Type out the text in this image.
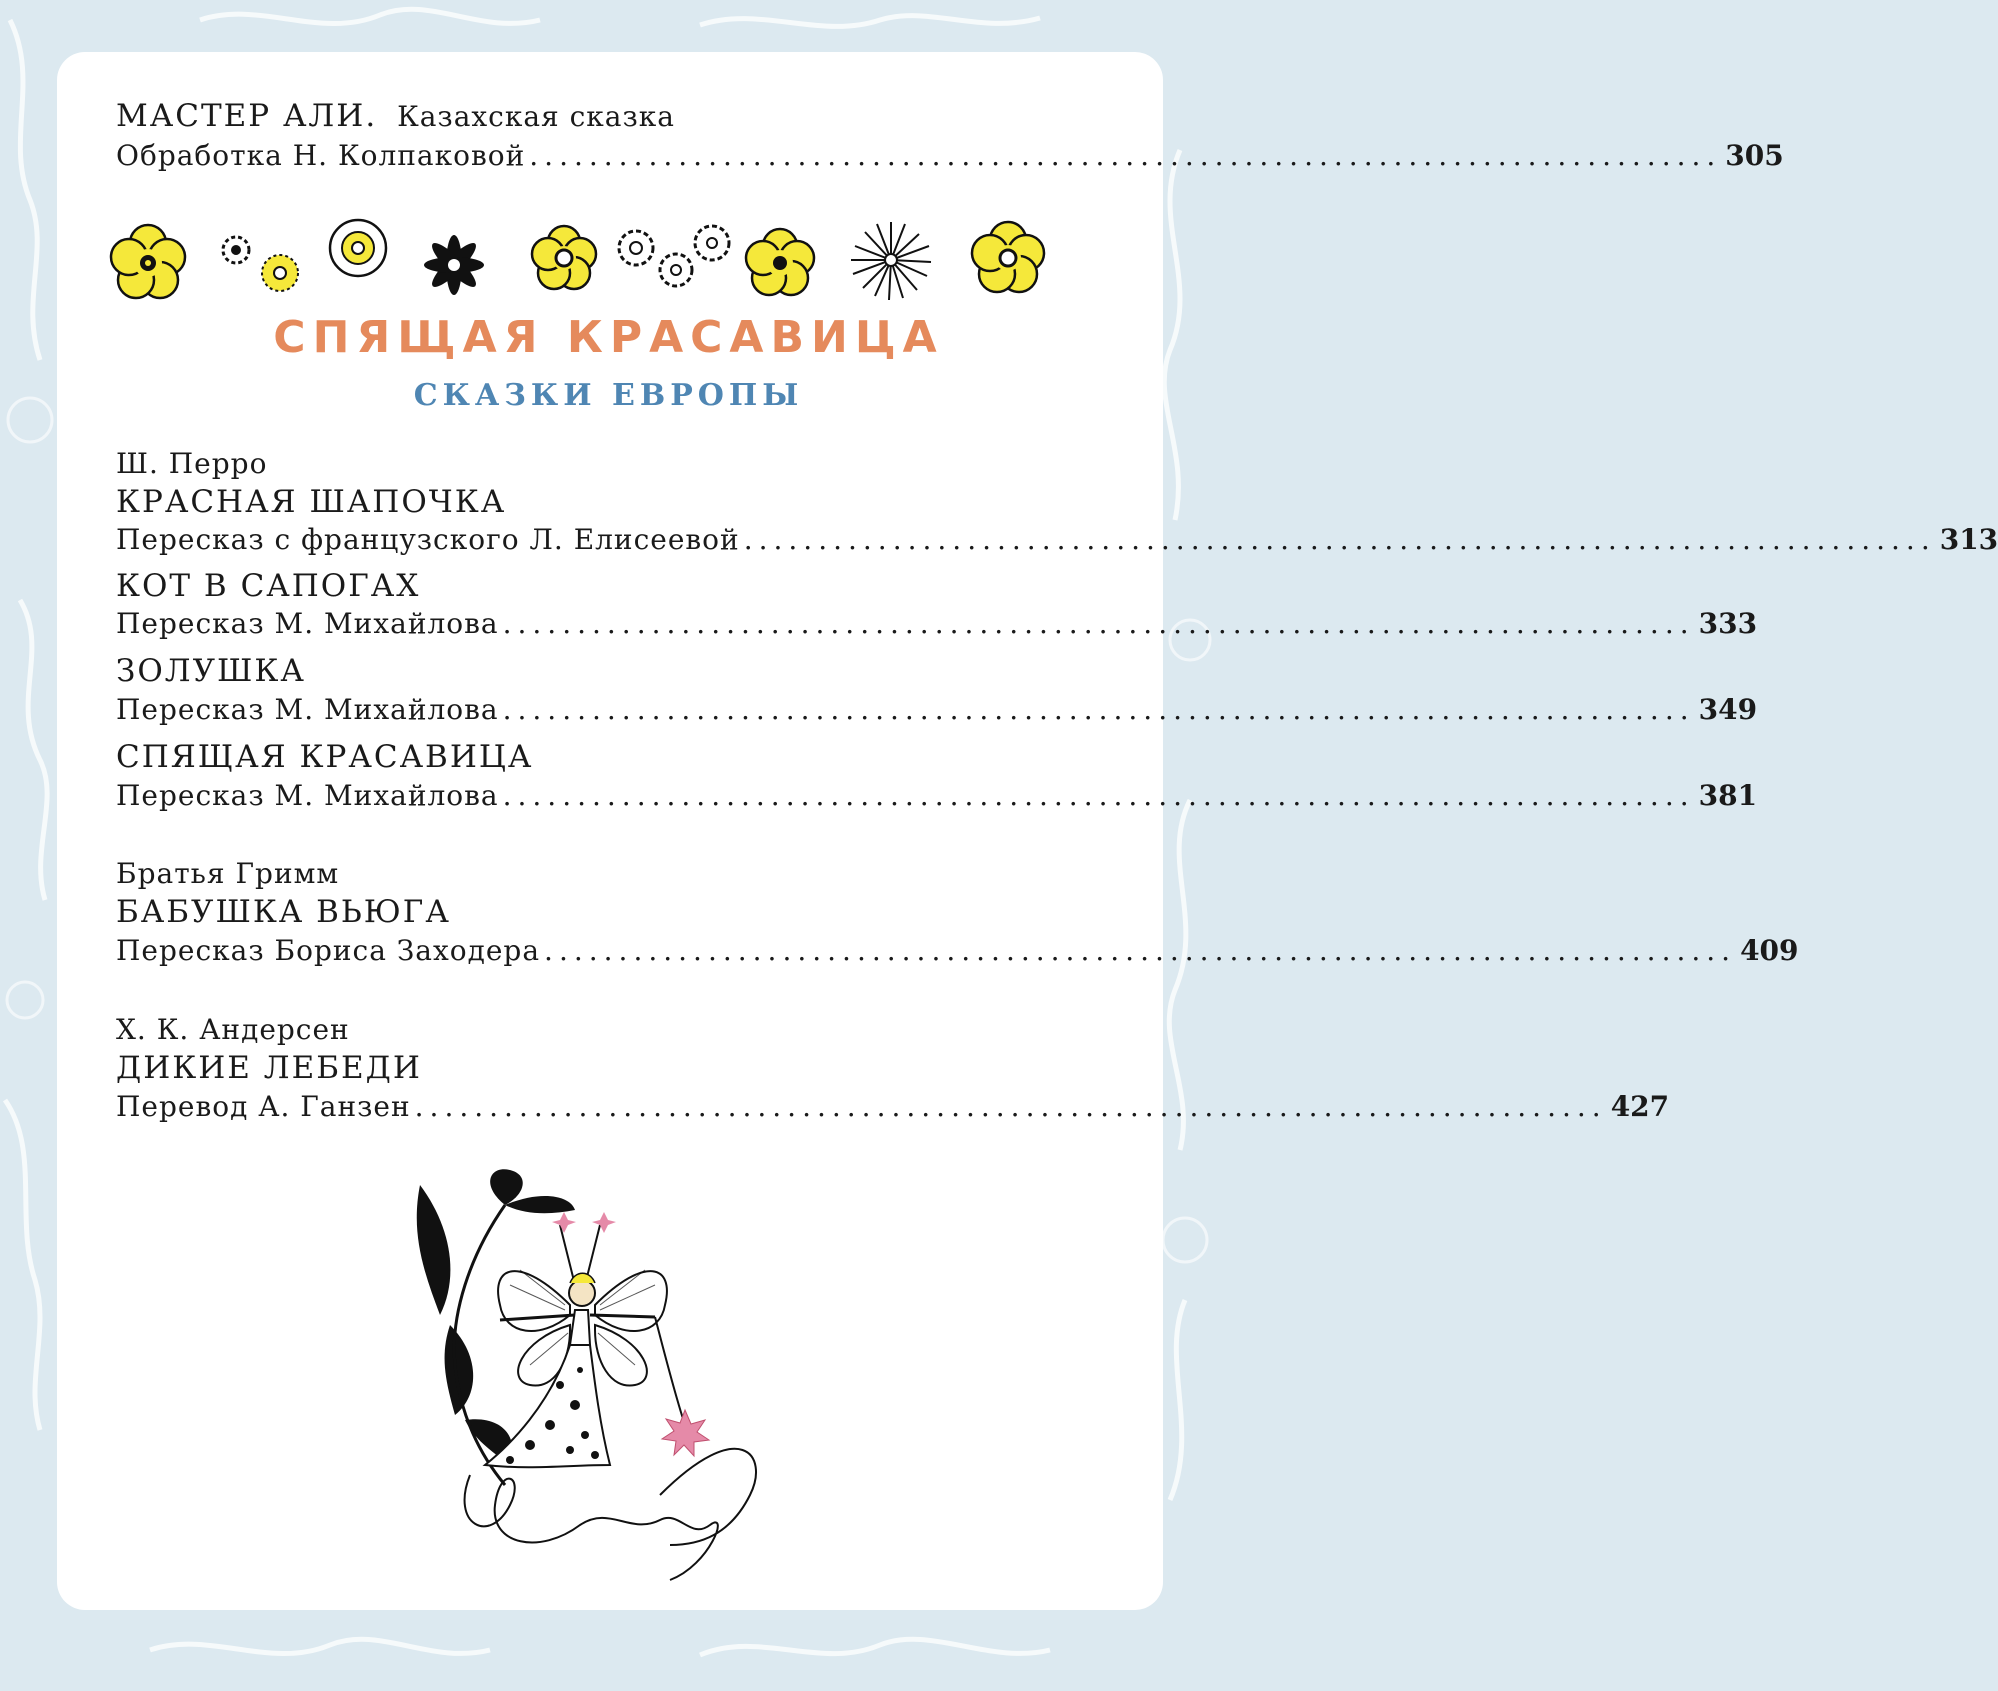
МАСТЕР АЛИ. Казахская сказка
Обработка Н. Колпаковой ................................................................................ 305
СПЯЩАЯ КРАСАВИЦА
СКАЗКИ ЕВРОПЫ
Ш. Перро
КРАСНАЯ ШАПОЧКА
Пересказ с французского Л. Елисеевой ................................................................................ 313
КОТ В САПОГАХ
Пересказ М. Михайлова ................................................................................ 333
ЗОЛУШКА
Пересказ М. Михайлова ................................................................................ 349
СПЯЩАЯ КРАСАВИЦА
Пересказ М. Михайлова ................................................................................ 381
Братья Гримм
БАБУШКА ВЬЮГА
Пересказ Бориса Заходера ................................................................................ 409
Х. К. Андерсен
ДИКИЕ ЛЕБЕДИ
Перевод А. Ганзен ................................................................................ 427
